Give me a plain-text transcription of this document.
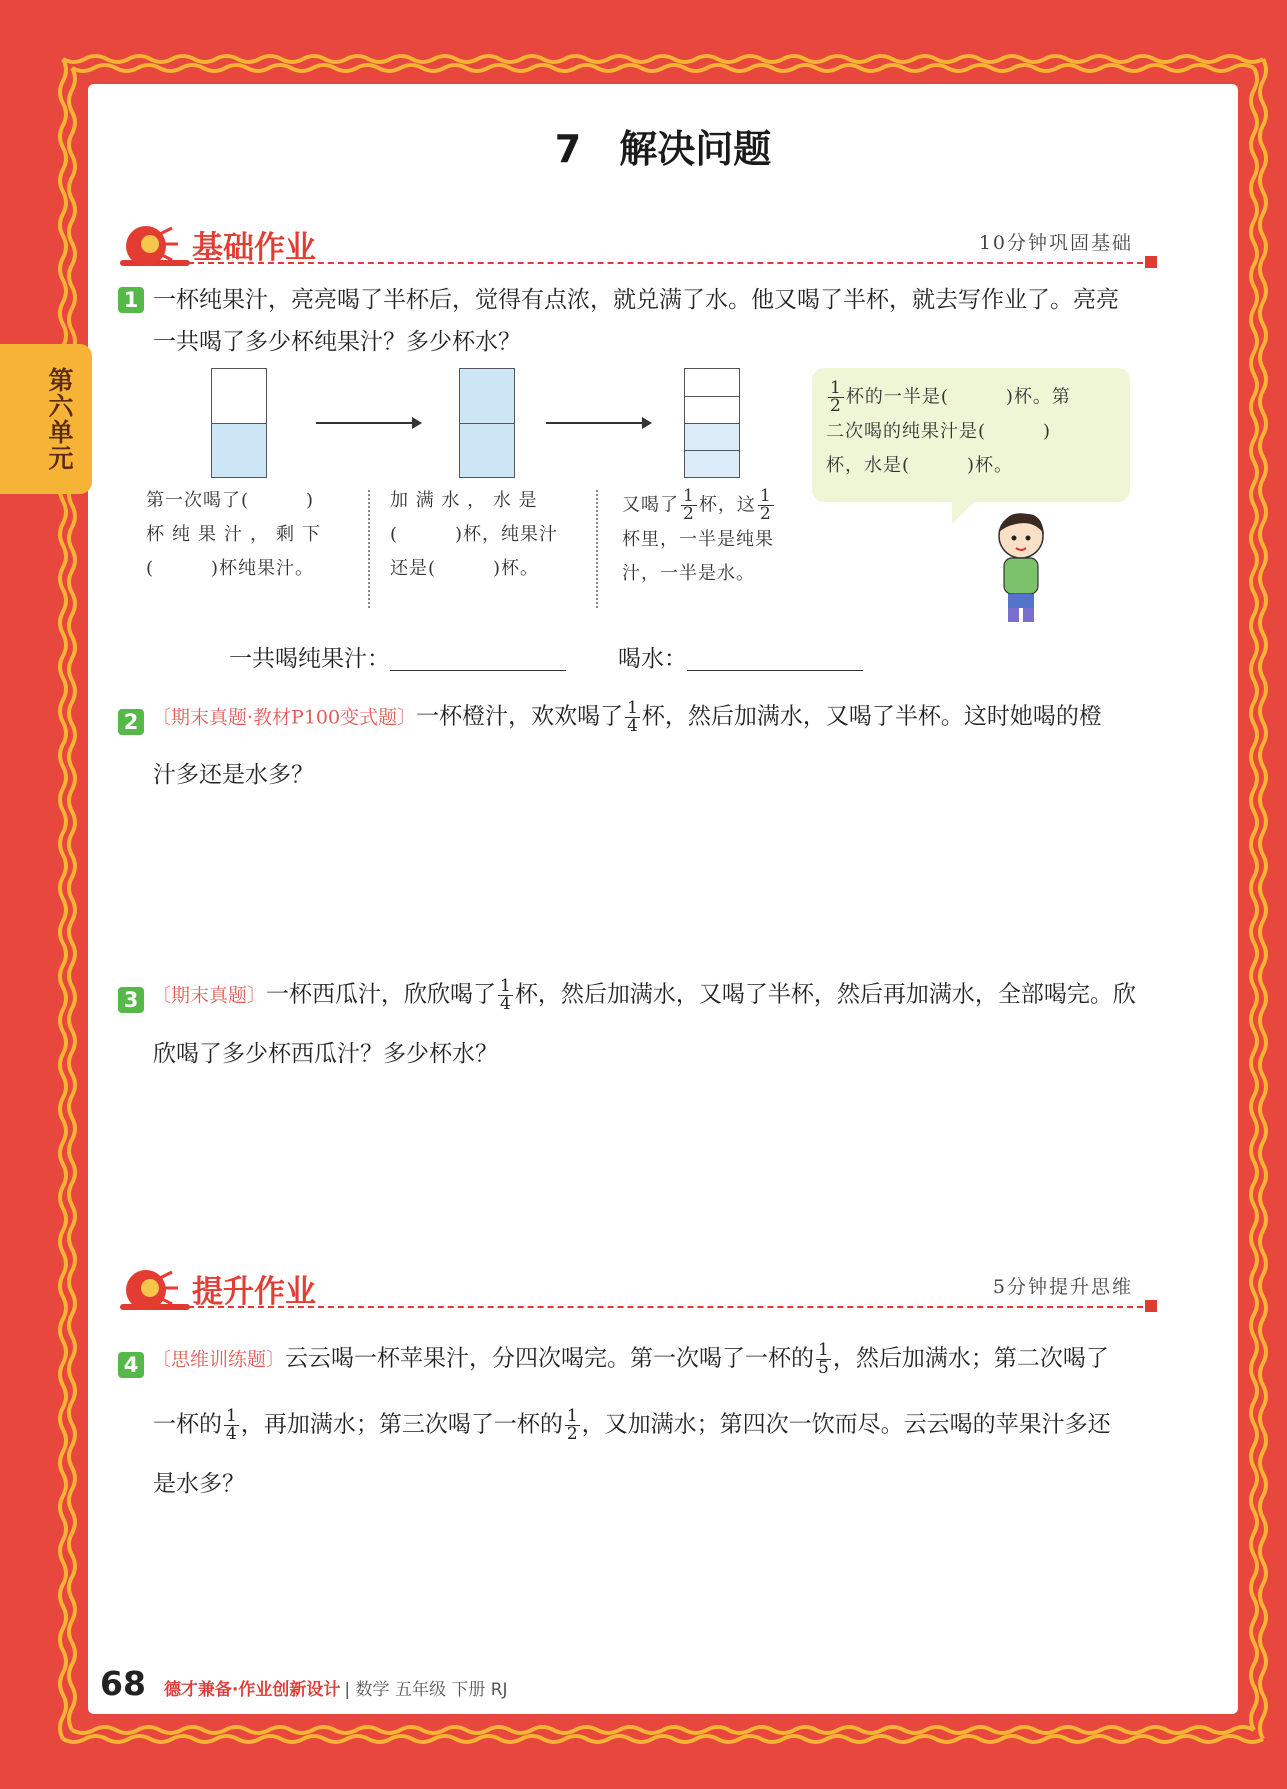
第六单元
7　解决问题
基础作业	10分钟巩固基础
1 一杯纯果汁，亮亮喝了半杯后，觉得有点浓，就兑满了水。他又喝了半杯，就去写作业了。亮亮
一共喝了多少杯纯果汁？多少杯水？
第一次喝了(　　　)
杯纯果汁，剩下
(　　　)杯纯果汁。
加 满 水 ， 水 是
(　　　)杯，纯果汁
还是(　　　)杯。
又喝了 $\frac{1}{2}$ 杯，这 $\frac{1}{2}$
杯里，一半是纯果
汁，一半是水。
$\frac{1}{2}$ 杯的一半是(　　　)杯。第
二次喝的纯果汁是(　　　)
杯，水是(　　　)杯。
一共喝纯果汁：	喝水：
2 〔期末真题·教材P100变式题〕一杯橙汁，欢欢喝了 $\frac{1}{4}$ 杯，然后加满水，又喝了半杯。这时她喝的橙
汁多还是水多？
3 〔期末真题〕一杯西瓜汁，欣欣喝了 $\frac{1}{4}$ 杯，然后加满水，又喝了半杯，然后再加满水，全部喝完。欣
欣喝了多少杯西瓜汁？多少杯水？
提升作业	5分钟提升思维
4 〔思维训练题〕云云喝一杯苹果汁，分四次喝完。第一次喝了一杯的 $\frac{1}{5}$ ，然后加满水；第二次喝了
一杯的 $\frac{1}{4}$ ，再加满水；第三次喝了一杯的 $\frac{1}{2}$ ，又加满水；第四次一饮而尽。云云喝的苹果汁多还
是水多？
68 德才兼备·作业创新设计 | 数学 五年级 下册 RJ
